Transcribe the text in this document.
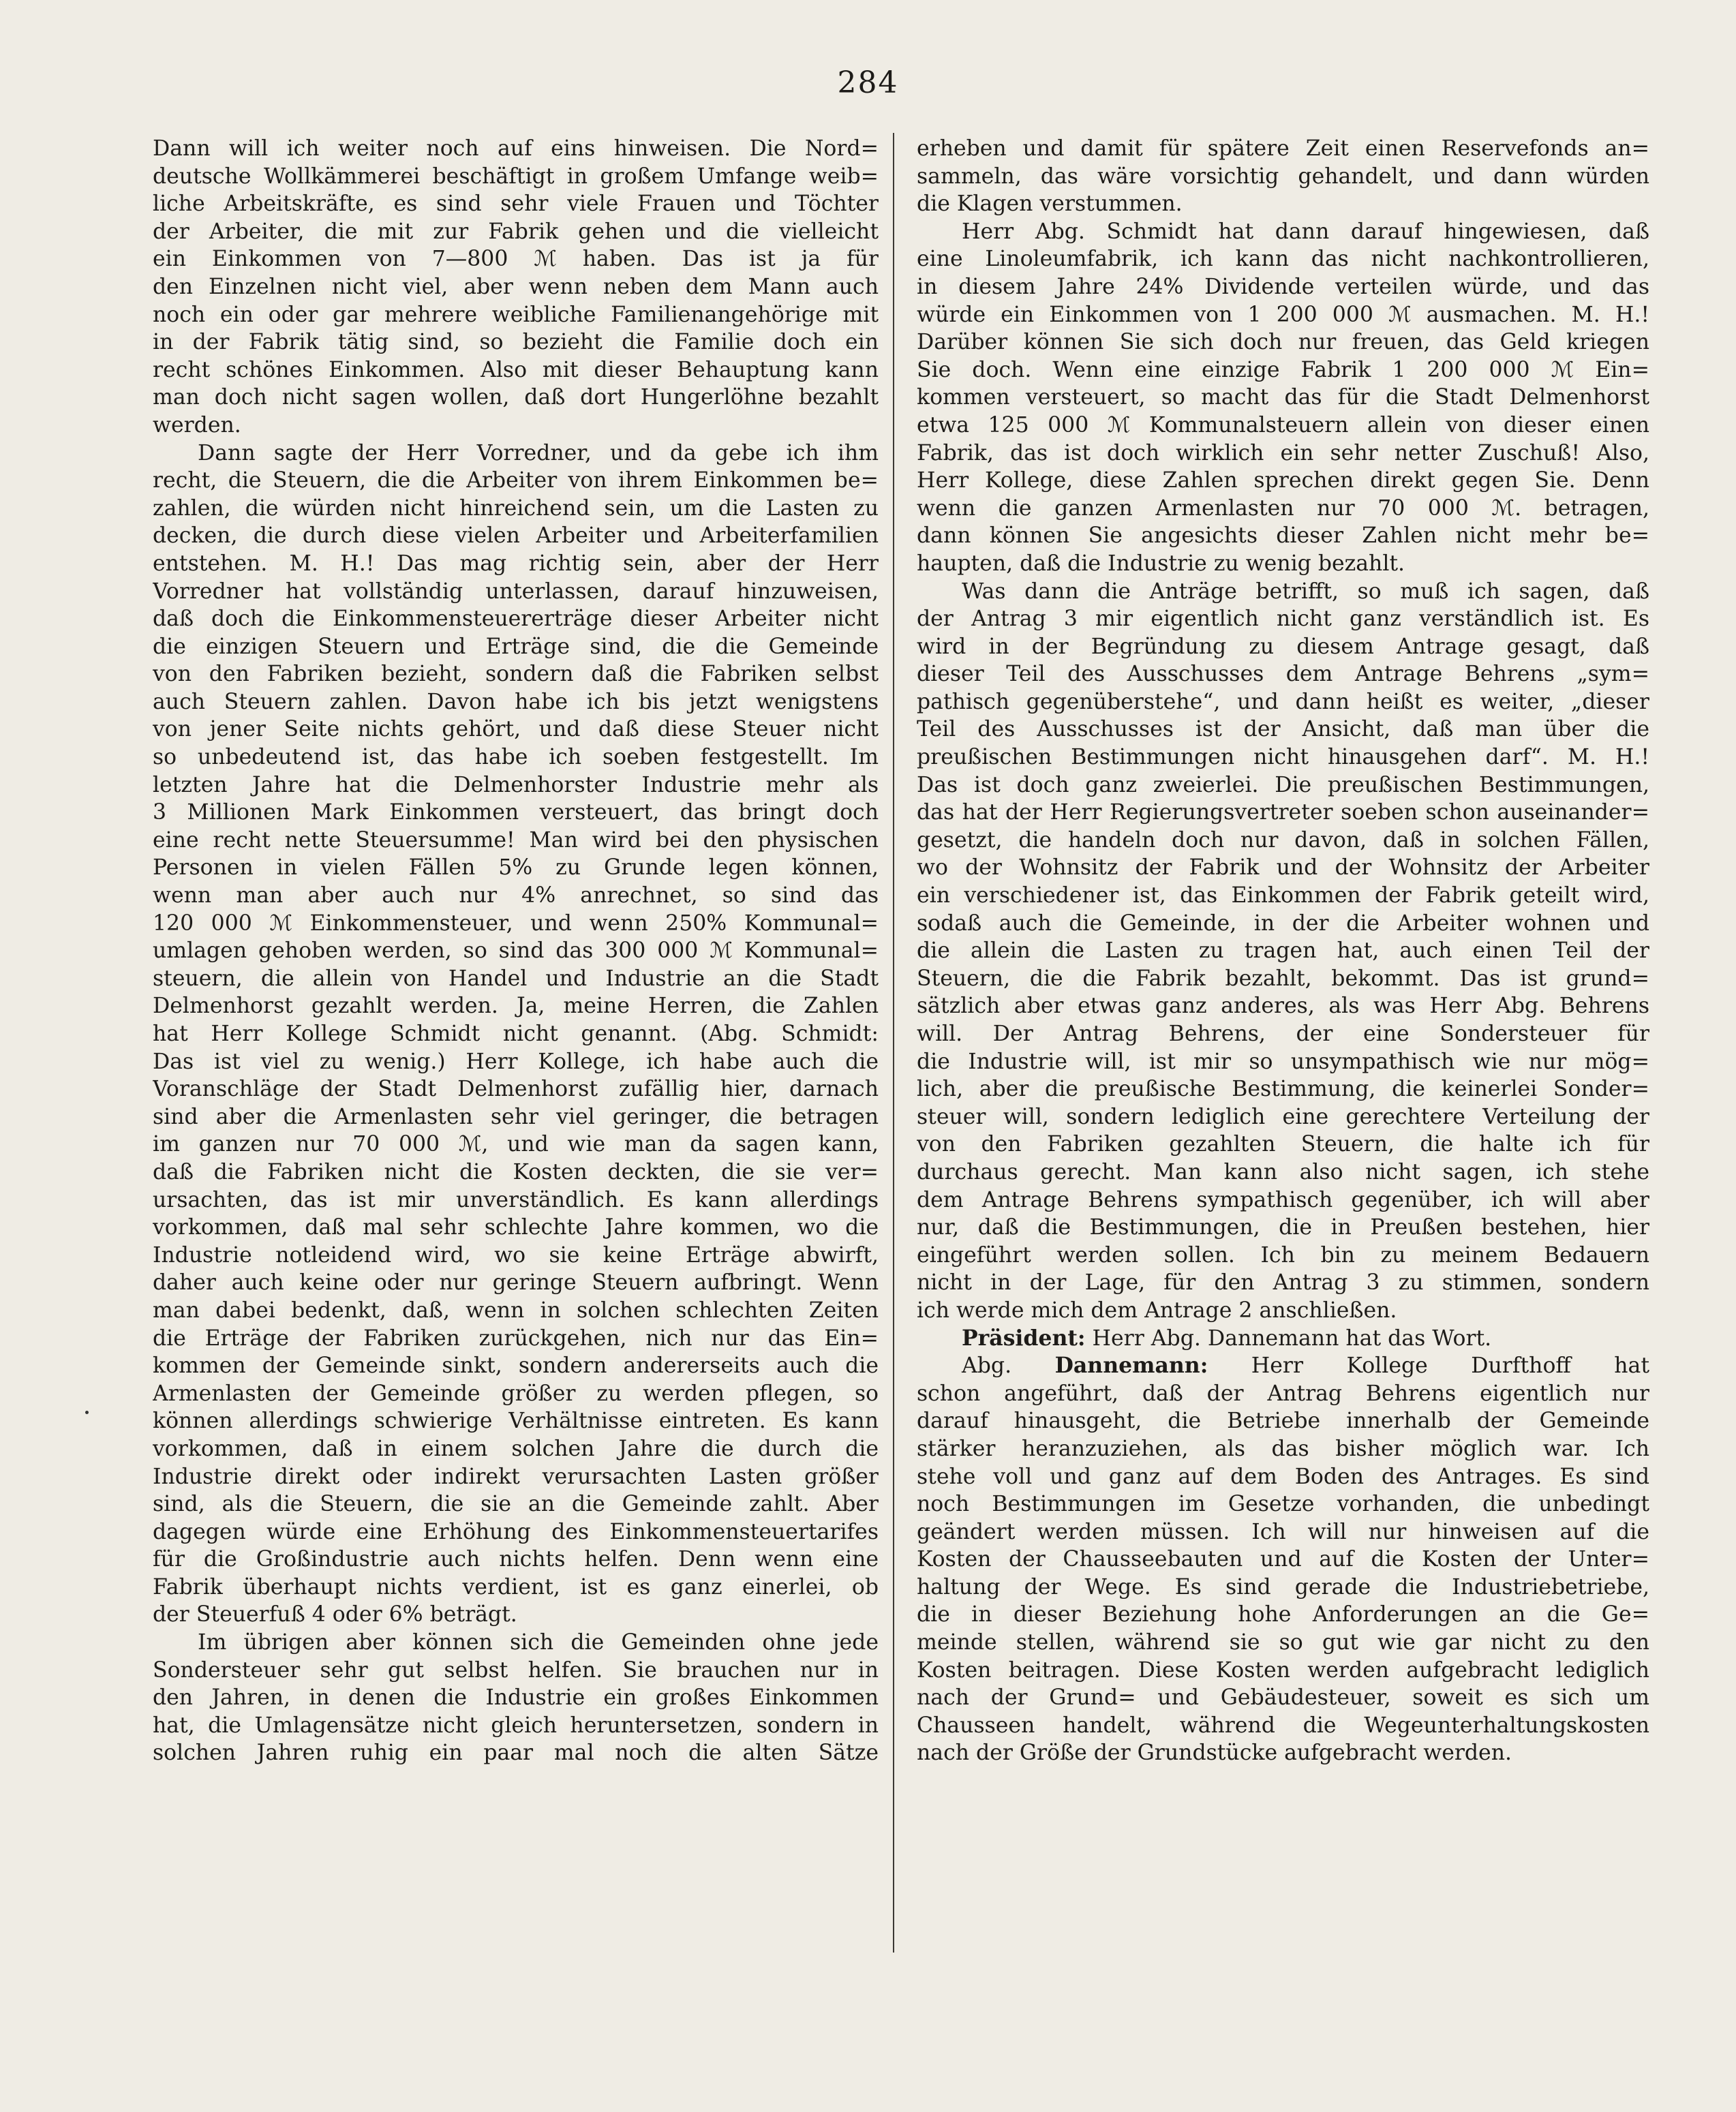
284
Dann will ich weiter noch auf eins hinweisen. Die Nord=
deutsche Wollkämmerei beschäftigt in großem Umfange weib=
liche Arbeitskräfte, es sind sehr viele Frauen und Töchter
der Arbeiter, die mit zur Fabrik gehen und die vielleicht
ein Einkommen von 7—800 ℳ haben. Das ist ja für
den Einzelnen nicht viel, aber wenn neben dem Mann auch
noch ein oder gar mehrere weibliche Familienangehörige mit
in der Fabrik tätig sind, so bezieht die Familie doch ein
recht schönes Einkommen. Also mit dieser Behauptung kann
man doch nicht sagen wollen, daß dort Hungerlöhne bezahlt
werden.
Dann sagte der Herr Vorredner, und da gebe ich ihm
recht, die Steuern, die die Arbeiter von ihrem Einkommen be=
zahlen, die würden nicht hinreichend sein, um die Lasten zu
decken, die durch diese vielen Arbeiter und Arbeiterfamilien
entstehen. M. H.! Das mag richtig sein, aber der Herr
Vorredner hat vollständig unterlassen, darauf hinzuweisen,
daß doch die Einkommensteuererträge dieser Arbeiter nicht
die einzigen Steuern und Erträge sind, die die Gemeinde
von den Fabriken bezieht, sondern daß die Fabriken selbst
auch Steuern zahlen. Davon habe ich bis jetzt wenigstens
von jener Seite nichts gehört, und daß diese Steuer nicht
so unbedeutend ist, das habe ich soeben festgestellt. Im
letzten Jahre hat die Delmenhorster Industrie mehr als
3 Millionen Mark Einkommen versteuert, das bringt doch
eine recht nette Steuersumme! Man wird bei den physischen
Personen in vielen Fällen 5% zu Grunde legen können,
wenn man aber auch nur 4% anrechnet, so sind das
120 000 ℳ Einkommensteuer, und wenn 250% Kommunal=
umlagen gehoben werden, so sind das 300 000 ℳ Kommunal=
steuern, die allein von Handel und Industrie an die Stadt
Delmenhorst gezahlt werden. Ja, meine Herren, die Zahlen
hat Herr Kollege Schmidt nicht genannt. (Abg. Schmidt:
Das ist viel zu wenig.) Herr Kollege, ich habe auch die
Voranschläge der Stadt Delmenhorst zufällig hier, darnach
sind aber die Armenlasten sehr viel geringer, die betragen
im ganzen nur 70 000 ℳ, und wie man da sagen kann,
daß die Fabriken nicht die Kosten deckten, die sie ver=
ursachten, das ist mir unverständlich. Es kann allerdings
vorkommen, daß mal sehr schlechte Jahre kommen, wo die
Industrie notleidend wird, wo sie keine Erträge abwirft,
daher auch keine oder nur geringe Steuern aufbringt. Wenn
man dabei bedenkt, daß, wenn in solchen schlechten Zeiten
die Erträge der Fabriken zurückgehen, nich nur das Ein=
kommen der Gemeinde sinkt, sondern andererseits auch die
Armenlasten der Gemeinde größer zu werden pflegen, so
können allerdings schwierige Verhältnisse eintreten. Es kann
vorkommen, daß in einem solchen Jahre die durch die
Industrie direkt oder indirekt verursachten Lasten größer
sind, als die Steuern, die sie an die Gemeinde zahlt. Aber
dagegen würde eine Erhöhung des Einkommensteuertarifes
für die Großindustrie auch nichts helfen. Denn wenn eine
Fabrik überhaupt nichts verdient, ist es ganz einerlei, ob
der Steuerfuß 4 oder 6% beträgt.
Im übrigen aber können sich die Gemeinden ohne jede
Sondersteuer sehr gut selbst helfen. Sie brauchen nur in
den Jahren, in denen die Industrie ein großes Einkommen
hat, die Umlagensätze nicht gleich heruntersetzen, sondern in
solchen Jahren ruhig ein paar mal noch die alten Sätze
erheben und damit für spätere Zeit einen Reservefonds an=
sammeln, das wäre vorsichtig gehandelt, und dann würden
die Klagen verstummen.
Herr Abg. Schmidt hat dann darauf hingewiesen, daß
eine Linoleumfabrik, ich kann das nicht nachkontrollieren,
in diesem Jahre 24% Dividende verteilen würde, und das
würde ein Einkommen von 1 200 000 ℳ ausmachen. M. H.!
Darüber können Sie sich doch nur freuen, das Geld kriegen
Sie doch. Wenn eine einzige Fabrik 1 200 000 ℳ Ein=
kommen versteuert, so macht das für die Stadt Delmenhorst
etwa 125 000 ℳ Kommunalsteuern allein von dieser einen
Fabrik, das ist doch wirklich ein sehr netter Zuschuß! Also,
Herr Kollege, diese Zahlen sprechen direkt gegen Sie. Denn
wenn die ganzen Armenlasten nur 70 000 ℳ. betragen,
dann können Sie angesichts dieser Zahlen nicht mehr be=
haupten, daß die Industrie zu wenig bezahlt.
Was dann die Anträge betrifft, so muß ich sagen, daß
der Antrag 3 mir eigentlich nicht ganz verständlich ist. Es
wird in der Begründung zu diesem Antrage gesagt, daß
dieser Teil des Ausschusses dem Antrage Behrens „sym=
pathisch gegenüberstehe“, und dann heißt es weiter, „dieser
Teil des Ausschusses ist der Ansicht, daß man über die
preußischen Bestimmungen nicht hinausgehen darf“. M. H.!
Das ist doch ganz zweierlei. Die preußischen Bestimmungen,
das hat der Herr Regierungsvertreter soeben schon auseinander=
gesetzt, die handeln doch nur davon, daß in solchen Fällen,
wo der Wohnsitz der Fabrik und der Wohnsitz der Arbeiter
ein verschiedener ist, das Einkommen der Fabrik geteilt wird,
sodaß auch die Gemeinde, in der die Arbeiter wohnen und
die allein die Lasten zu tragen hat, auch einen Teil der
Steuern, die die Fabrik bezahlt, bekommt. Das ist grund=
sätzlich aber etwas ganz anderes, als was Herr Abg. Behrens
will. Der Antrag Behrens, der eine Sondersteuer für
die Industrie will, ist mir so unsympathisch wie nur mög=
lich, aber die preußische Bestimmung, die keinerlei Sonder=
steuer will, sondern lediglich eine gerechtere Verteilung der
von den Fabriken gezahlten Steuern, die halte ich für
durchaus gerecht. Man kann also nicht sagen, ich stehe
dem Antrage Behrens sympathisch gegenüber, ich will aber
nur, daß die Bestimmungen, die in Preußen bestehen, hier
eingeführt werden sollen. Ich bin zu meinem Bedauern
nicht in der Lage, für den Antrag 3 zu stimmen, sondern
ich werde mich dem Antrage 2 anschließen.
Präsident: Herr Abg. Dannemann hat das Wort.
Abg. Dannemann: Herr Kollege Durfthoff hat
schon angeführt, daß der Antrag Behrens eigentlich nur
darauf hinausgeht, die Betriebe innerhalb der Gemeinde
stärker heranzuziehen, als das bisher möglich war. Ich
stehe voll und ganz auf dem Boden des Antrages. Es sind
noch Bestimmungen im Gesetze vorhanden, die unbedingt
geändert werden müssen. Ich will nur hinweisen auf die
Kosten der Chausseebauten und auf die Kosten der Unter=
haltung der Wege. Es sind gerade die Industriebetriebe,
die in dieser Beziehung hohe Anforderungen an die Ge=
meinde stellen, während sie so gut wie gar nicht zu den
Kosten beitragen. Diese Kosten werden aufgebracht lediglich
nach der Grund= und Gebäudesteuer, soweit es sich um
Chausseen handelt, während die Wegeunterhaltungskosten
nach der Größe der Grundstücke aufgebracht werden.
